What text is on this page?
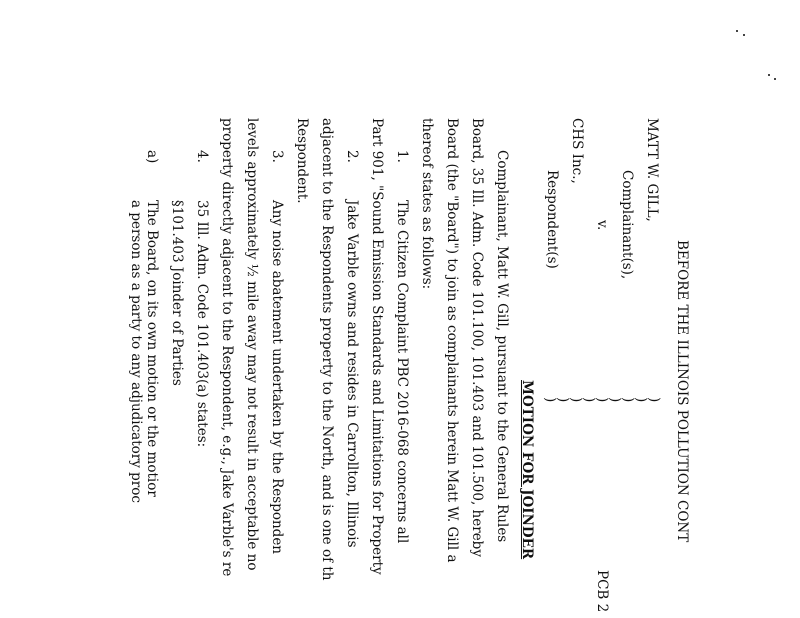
BEFORE THE ILLINOIS POLLUTION CONT
MATT W. GILL,
Complainant(s),
v.
CHS Inc.,
Respondent(s)
)
)
)
)
)
)
)
)
)
PCB 2
MOTION FOR JOINDER
Complainant, Matt W. Gill, pursuant to the General Rules
Board, 35 Ill. Adm. Code 101.100, 101.403 and 101.500, hereby
Board (the "Board") to join as complainants herein Matt W. Gill a
thereof states as follows:
1.
The Citizen Complaint PBC 2016-068 concerns all
Part 901, "Sound Emission Standards and Limitations for Property
2.
Jake Varble owns and resides in Carrollton, Illinois
adjacent to the Respondents property to the North, and is one of th
Respondent.
3.
Any noise abatement undertaken by the Responden
levels approximately ½ mile away may not result in acceptable no
property directly adjacent to the Respondent, e.g., Jake Varble's re
4.
35 Ill. Adm. Code 101.403(a) states:
§101.403 Joinder of Parties
a)
The Board, on its own motion or the motior
a person as a party to any adjudicatory proc
